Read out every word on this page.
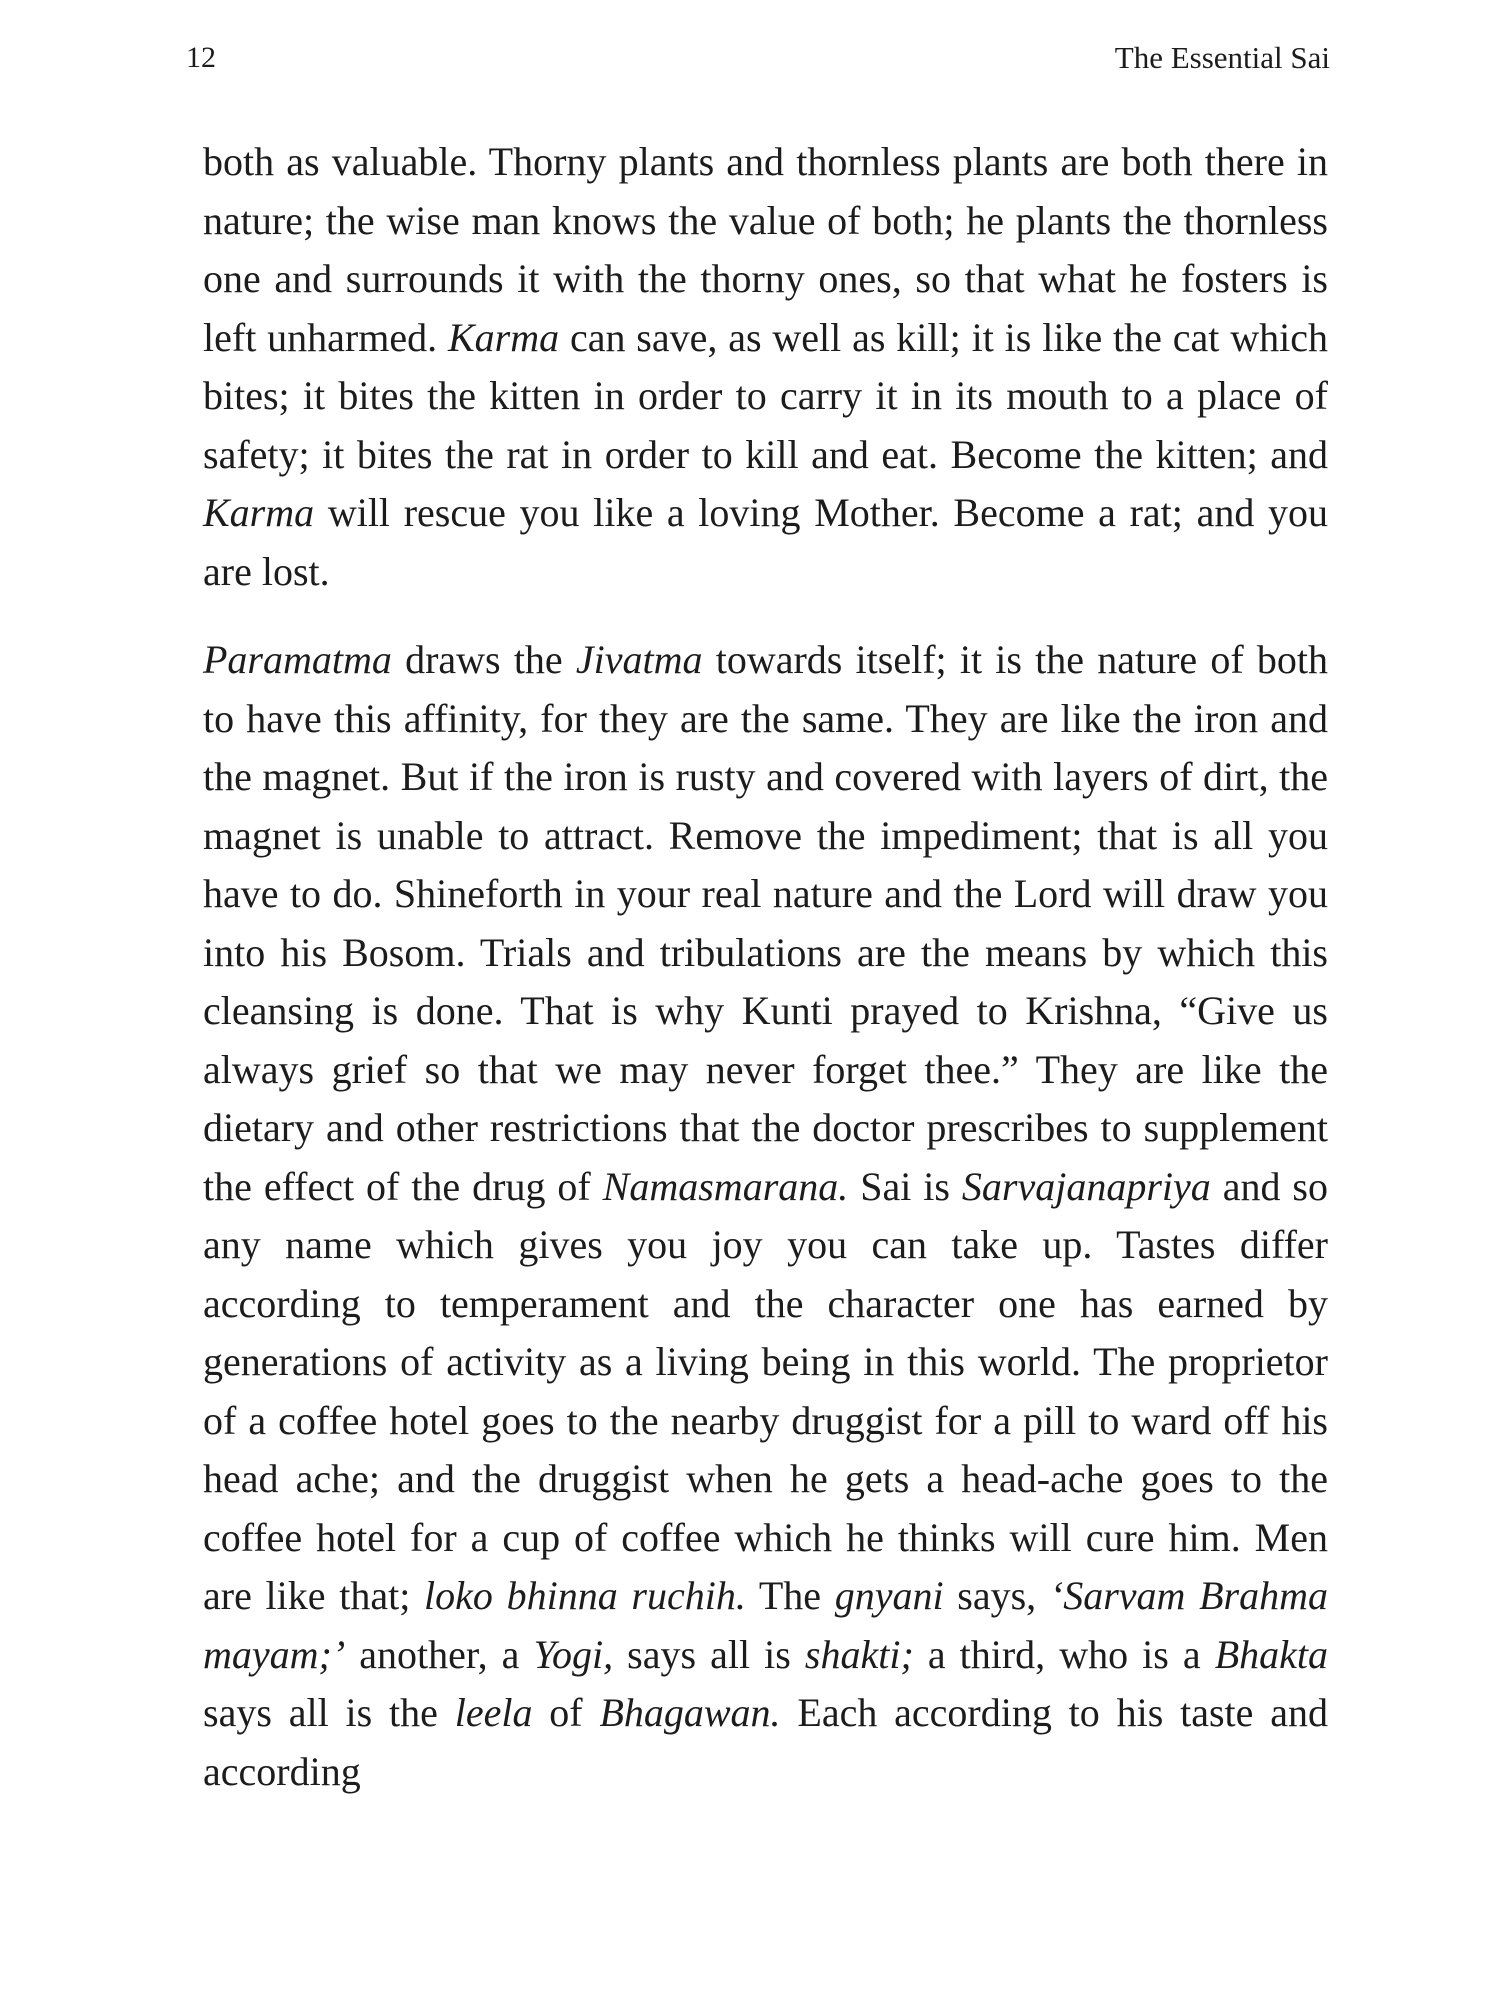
12	The Essential Sai

both as valuable. Thorny plants and thornless plants are both there in nature; the wise man knows the value of both; he plants the thornless one and surrounds it with the thorny ones, so that what he fosters is left unharmed. Karma can save, as well as kill; it is like the cat which bites; it bites the kitten in order to carry it in its mouth to a place of safety; it bites the rat in order to kill and eat. Become the kitten; and Karma will rescue you like a loving Mother. Become a rat; and you are lost.

Paramatma draws the Jivatma towards itself; it is the nature of both to have this affinity, for they are the same. They are like the iron and the magnet. But if the iron is rusty and covered with layers of dirt, the magnet is unable to attract. Remove the impediment; that is all you have to do. Shineforth in your real nature and the Lord will draw you into his Bosom. Trials and tribulations are the means by which this cleansing is done. That is why Kunti prayed to Krishna, “Give us always grief so that we may never forget thee.” They are like the dietary and other restrictions that the doctor prescribes to supplement the effect of the drug of Namasmarana. Sai is Sarvajanapriya and so any name which gives you joy you can take up. Tastes differ according to temperament and the character one has earned by generations of activity as a living being in this world. The proprietor of a coffee hotel goes to the nearby druggist for a pill to ward off his head ache; and the druggist when he gets a head-ache goes to the coffee hotel for a cup of coffee which he thinks will cure him. Men are like that; loko bhinna ruchih. The gnyani says, ‘Sarvam Brahma mayam;’ another, a Yogi, says all is shakti; a third, who is a Bhakta says all is the leela of Bhagawan. Each according to his taste and according
